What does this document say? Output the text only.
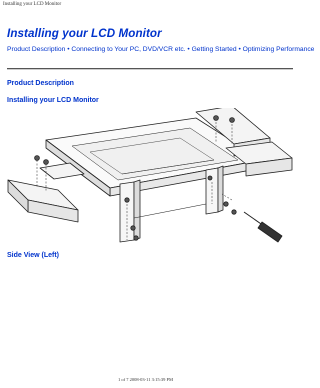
Installing your LCD Monitor
Installing your LCD Monitor
Product Description • Connecting to Your PC, DVD/VCR etc. • Getting Started • Optimizing Performance
Product Description
Installing your LCD Monitor
Side View (Left)
1 of 7 2008-03-11 3:15:39 PM
